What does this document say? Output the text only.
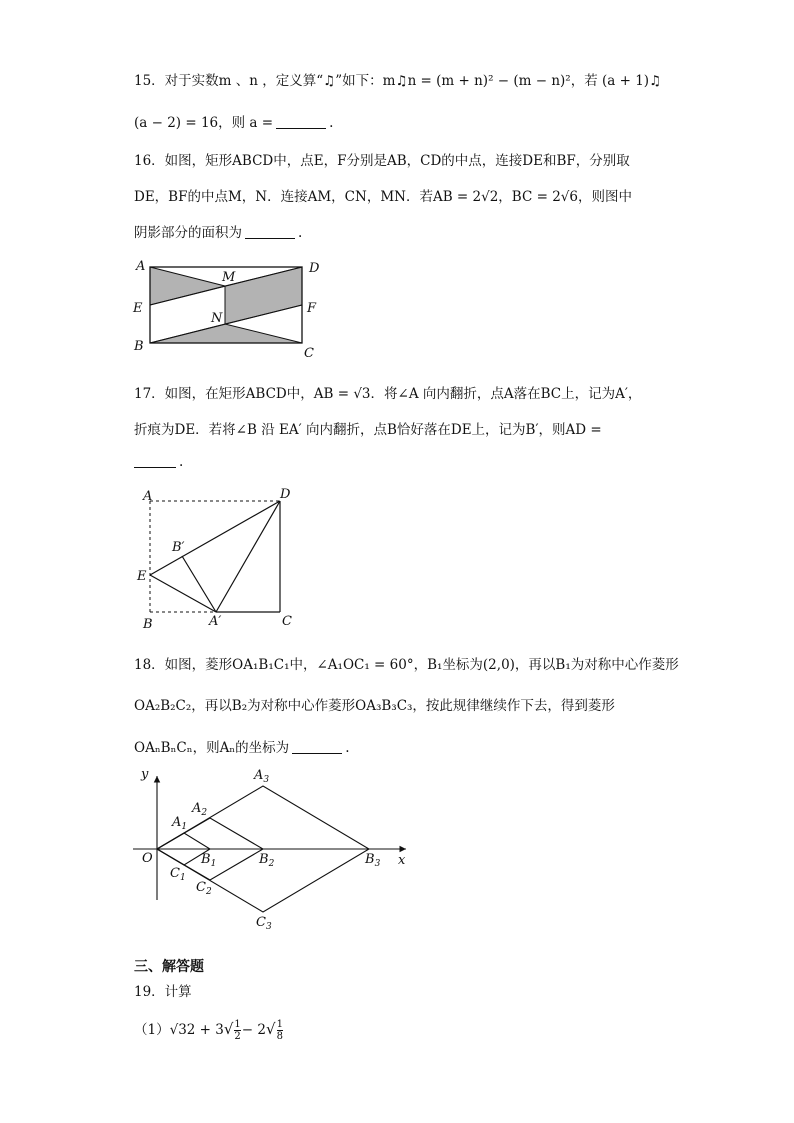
15．对于实数m 、n ，定义算“♫”如下：m♫n = (m + n)² − (m − n)²，若 (a + 1)♫
(a − 2) = 16，则 a =	.
16．如图，矩形ABCD中，点E，F分别是AB，CD的中点，连接DE和BF，分别取
DE，BF的中点M，N．连接AM，CN，MN．若AB = 2√2，BC = 2√6，则图中
阴影部分的面积为	.
A
M
D
E	F
N
B	C
17．如图，在矩形ABCD中，AB = √3．将∠A 向内翻折，点A落在BC上，记为A′，
折痕为DE．若将∠B 沿 EA′ 向内翻折，点B恰好落在DE上，记为B′，则AD =
.
A	D
B′
E
B	A′	C
18．如图，菱形OA₁B₁C₁中，∠A₁OC₁ = 60°，B₁坐标为(2,0)，再以B₁为对称中心作菱形
OA₂B₂C₂，再以B₂为对称中心作菱形OA₃B₃C₃，按此规律继续作下去，得到菱形
OAₙBₙCₙ，则Aₙ的坐标为	.
y
x
O
$A_1$
$A_2$
$A_3$
$B_1$	$B_2$	$B_3$
$C_1$
$C_2$
$C_3$
三、解答题
19．计算
$(1)√32 + 3√ \frac{1}{2} - 2√ \frac{1}{8}$
